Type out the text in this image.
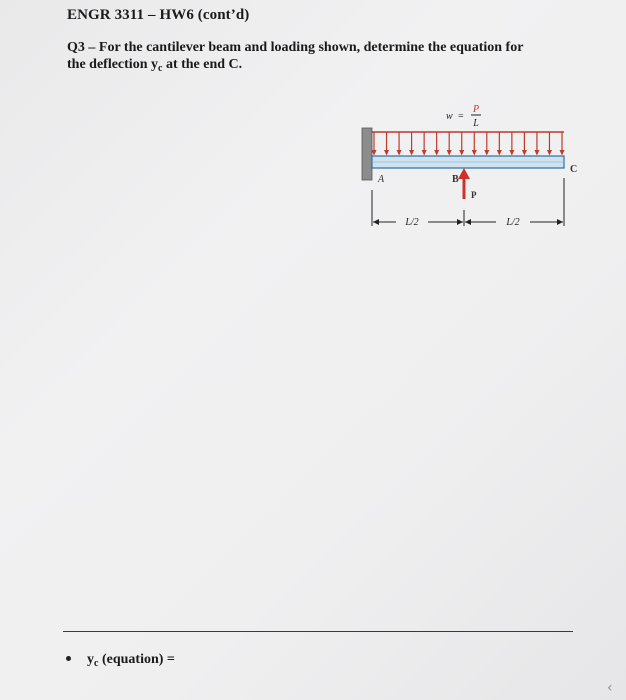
ENGR 3311 – HW6 (cont’d)
Q3 – For the cantilever beam and loading shown, determine the equation for
the deflection $y_c$ at the end C.
w =
P
L
A	B
C
P
L/2	L/2
$y_c$ (equation) =
‹
